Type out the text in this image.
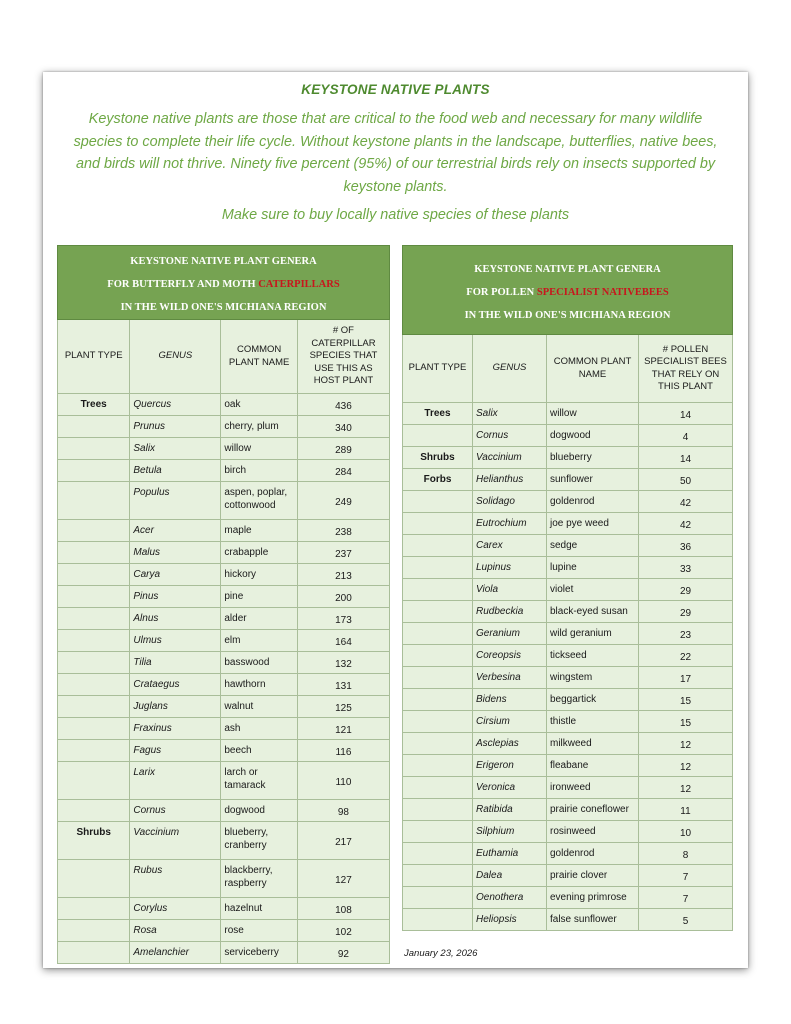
KEYSTONE NATIVE PLANTS
Keystone native plants are those that are critical to the food web and necessary for many wildlife species to complete their life cycle. Without keystone plants in the landscape, butterflies, native bees, and birds will not thrive. Ninety five percent (95%) of our terrestrial birds rely on insects supported by keystone plants.
Make sure to buy locally native species of these plants
KEYSTONE NATIVE PLANT GENERA
FOR BUTTERFLY AND MOTH CATERPILLARS
IN THE WILD ONE'S MICHIANA REGION			

PLANT TYPE	GENUS	COMMON PLANT NAME	# OF CATERPILLAR SPECIES THAT USE THIS AS HOST PLANT
Trees	Quercus	oak	436
	Prunus	cherry, plum	340
	Salix	willow	289
	Betula	birch	284
	Populus	aspen, poplar, cottonwood	249
	Acer	maple	238
	Malus	crabapple	237
	Carya	hickory	213
	Pinus	pine	200
	Alnus	alder	173
	Ulmus	elm	164
	Tilia	basswood	132
	Crataegus	hawthorn	131
	Juglans	walnut	125
	Fraxinus	ash	121
	Fagus	beech	116
	Larix	larch or tamarack	110
	Cornus	dogwood	98
Shrubs	Vaccinium	blueberry, cranberry	217
	Rubus	blackberry, raspberry	127
	Corylus	hazelnut	108
	Rosa	rose	102
	Amelanchier	serviceberry	92
KEYSTONE NATIVE PLANT GENERA
FOR POLLEN SPECIALIST NATIVEBEES
IN THE WILD ONE'S MICHIANA REGION			

PLANT TYPE	GENUS	COMMON PLANT NAME	# POLLEN SPECIALIST BEES THAT RELY ON THIS PLANT
Trees	Salix	willow	14
	Cornus	dogwood	4
Shrubs	Vaccinium	blueberry	14
Forbs	Helianthus	sunflower	50
	Solidago	goldenrod	42
	Eutrochium	joe pye weed	42
	Carex	sedge	36
	Lupinus	lupine	33
	Viola	violet	29
	Rudbeckia	black-eyed susan	29
	Geranium	wild geranium	23
	Coreopsis	tickseed	22
	Verbesina	wingstem	17
	Bidens	beggartick	15
	Cirsium	thistle	15
	Asclepias	milkweed	12
	Erigeron	fleabane	12
	Veronica	ironweed	12
	Ratibida	prairie coneflower	11
	Silphium	rosinweed	10
	Euthamia	goldenrod	8
	Dalea	prairie clover	7
	Oenothera	evening primrose	7
	Heliopsis	false sunflower	5
January 23, 2026
